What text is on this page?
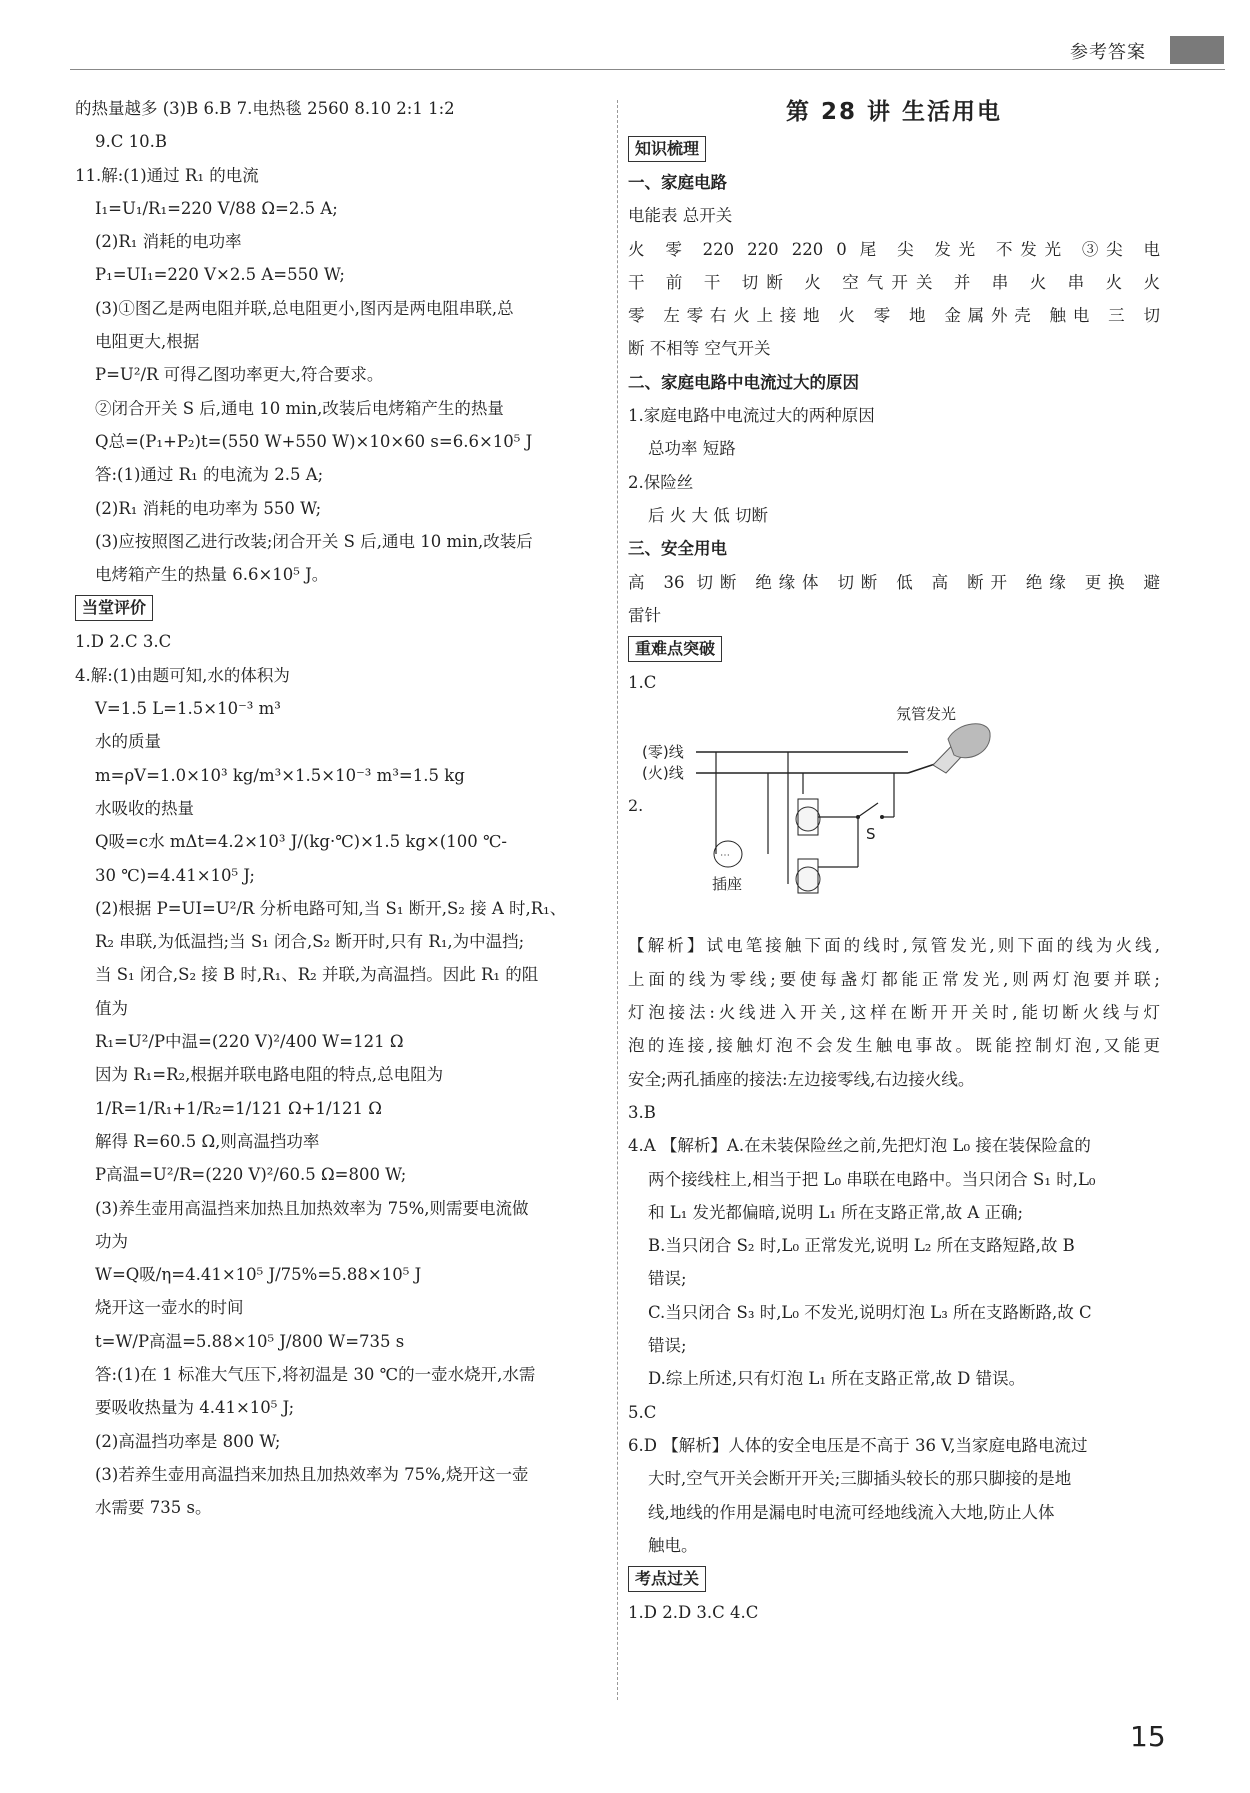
参考答案
的热量越多 (3)B 6.B 7.电热毯 2560 8.10 2:1 1:2
9.C 10.B
11.解:(1)通过 R₁ 的电流
I₁=U₁/R₁=220 V/88 Ω=2.5 A;
(2)R₁ 消耗的电功率
P₁=UI₁=220 V×2.5 A=550 W;
(3)①图乙是两电阻并联,总电阻更小,图丙是两电阻串联,总
电阻更大,根据
P=U²/R 可得乙图功率更大,符合要求。
②闭合开关 S 后,通电 10 min,改装后电烤箱产生的热量
Q总=(P₁+P₂)t=(550 W+550 W)×10×60 s=6.6×10⁵ J
答:(1)通过 R₁ 的电流为 2.5 A;
(2)R₁ 消耗的电功率为 550 W;
(3)应按照图乙进行改装;闭合开关 S 后,通电 10 min,改装后
电烤箱产生的热量 6.6×10⁵ J。
当堂评价
1.D 2.C 3.C
4.解:(1)由题可知,水的体积为
V=1.5 L=1.5×10⁻³ m³
水的质量
m=ρV=1.0×10³ kg/m³×1.5×10⁻³ m³=1.5 kg
水吸收的热量
Q吸=c水 mΔt=4.2×10³ J/(kg·℃)×1.5 kg×(100 ℃-
30 ℃)=4.41×10⁵ J;
(2)根据 P=UI=U²/R 分析电路可知,当 S₁ 断开,S₂ 接 A 时,R₁、
R₂ 串联,为低温挡;当 S₁ 闭合,S₂ 断开时,只有 R₁,为中温挡;
当 S₁ 闭合,S₂ 接 B 时,R₁、R₂ 并联,为高温挡。因此 R₁ 的阻
值为
R₁=U²/P中温=(220 V)²/400 W=121 Ω
因为 R₁=R₂,根据并联电路电阻的特点,总电阻为
1/R=1/R₁+1/R₂=1/121 Ω+1/121 Ω
解得 R=60.5 Ω,则高温挡功率
P高温=U²/R=(220 V)²/60.5 Ω=800 W;
(3)养生壶用高温挡来加热且加热效率为 75%,则需要电流做
功为
W=Q吸/η=4.41×10⁵ J/75%=5.88×10⁵ J
烧开这一壶水的时间
t=W/P高温=5.88×10⁵ J/800 W=735 s
答:(1)在 1 标准大气压下,将初温是 30 ℃的一壶水烧开,水需
要吸收热量为 4.41×10⁵ J;
(2)高温挡功率是 800 W;
(3)若养生壶用高温挡来加热且加热效率为 75%,烧开这一壶
水需要 735 s。
第 28 讲 生活用电
知识梳理
一、家庭电路
电能表 总开关
火 零 220 220 220 0 尾 尖 发光 不发光 ③尖 电
干 前 干 切断 火 空气开关 并 串 火 串 火 火
零 左零右火上接地 火 零 地 金属外壳 触电 三 切
断 不相等 空气开关
二、家庭电路中电流过大的原因
1.家庭电路中电流过大的两种原因
总功率 短路
2.保险丝
后 火 大 低 切断
三、安全用电
高 36 切断 绝缘体 切断 低 高 断开 绝缘 更换 避
雷针
重难点突破
1.C
氖管发光
(零)线
(火)线
2.
⋯
插座
S
【解析】试电笔接触下面的线时,氖管发光,则下面的线为火线,
上面的线为零线;要使每盏灯都能正常发光,则两灯泡要并联;
灯泡接法:火线进入开关,这样在断开开关时,能切断火线与灯
泡的连接,接触灯泡不会发生触电事故。既能控制灯泡,又能更
安全;两孔插座的接法:左边接零线,右边接火线。
3.B
4.A 【解析】A.在未装保险丝之前,先把灯泡 L₀ 接在装保险盒的
两个接线柱上,相当于把 L₀ 串联在电路中。当只闭合 S₁ 时,L₀
和 L₁ 发光都偏暗,说明 L₁ 所在支路正常,故 A 正确;
B.当只闭合 S₂ 时,L₀ 正常发光,说明 L₂ 所在支路短路,故 B
错误;
C.当只闭合 S₃ 时,L₀ 不发光,说明灯泡 L₃ 所在支路断路,故 C
错误;
D.综上所述,只有灯泡 L₁ 所在支路正常,故 D 错误。
5.C
6.D 【解析】人体的安全电压是不高于 36 V,当家庭电路电流过
大时,空气开关会断开开关;三脚插头较长的那只脚接的是地
线,地线的作用是漏电时电流可经地线流入大地,防止人体
触电。
考点过关
1.D 2.D 3.C 4.C
15
